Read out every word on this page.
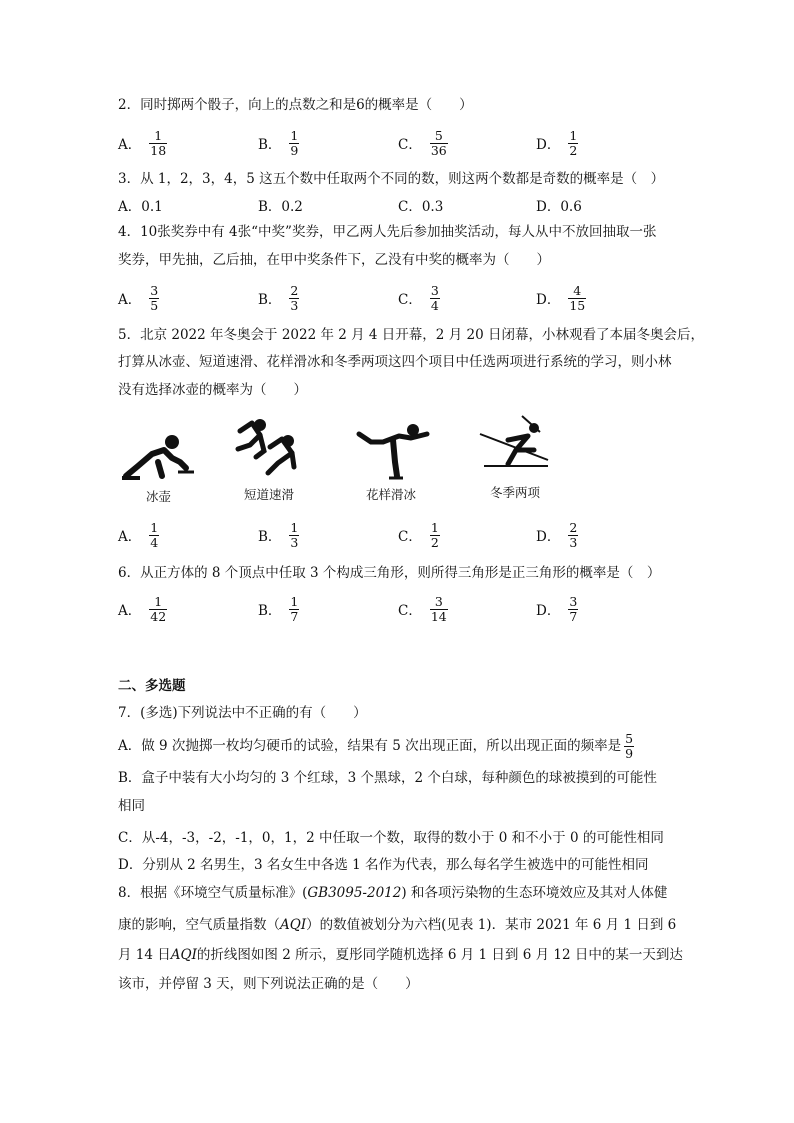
2．同时掷两个骰子，向上的点数之和是6的概率是（　　）
A． $\frac{1}{18}$	B． $\frac{1}{9}$	C． $\frac{5}{36}$	D． $\frac{1}{2}$
3．从 1，2，3，4，5 这五个数中任取两个不同的数，则这两个数都是奇数的概率是（　）
A．0.1	B．0.2	C．0.3	D．0.6
4．10张奖券中有 4张“中奖”奖券，甲乙两人先后参加抽奖活动，每人从中不放回抽取一张
奖券，甲先抽，乙后抽，在甲中奖条件下，乙没有中奖的概率为（　　）
A． $\frac{3}{5}$	B． $\frac{2}{3}$	C． $\frac{3}{4}$	D． $\frac{4}{15}$
5．北京 2022 年冬奥会于 2022 年 2 月 4 日开幕，2 月 20 日闭幕，小林观看了本届冬奥会后，
打算从冰壶、短道速滑、花样滑冰和冬季两项这四个项目中任选两项进行系统的学习，则小林
没有选择冰壶的概率为（　　）
冰壶	短道速滑	花样滑冰	冬季两项
A． $\frac{1}{4}$	B． $\frac{1}{3}$	C． $\frac{1}{2}$	D． $\frac{2}{3}$
6．从正方体的 8 个顶点中任取 3 个构成三角形，则所得三角形是正三角形的概率是（　）
A． $\frac{1}{42}$	B． $\frac{1}{7}$	C． $\frac{3}{14}$	D． $\frac{3}{7}$
二、多选题
7．(多选)下列说法中不正确的有（　　）
A．做 9 次抛掷一枚均匀硬币的试验，结果有 5 次出现正面，所以出现正面的频率是 $\frac{5}{9}$
B．盒子中装有大小均匀的 3 个红球，3 个黑球，2 个白球，每种颜色的球被摸到的可能性
相同
C．从-4，-3，-2，-1，0，1，2 中任取一个数，取得的数小于 0 和不小于 0 的可能性相同
D．分别从 2 名男生，3 名女生中各选 1 名作为代表，那么每名学生被选中的可能性相同
8．根据《环境空气质量标准》(GB3095-2012) 和各项污染物的生态环境效应及其对人体健
康的影响，空气质量指数（AQI）的数值被划分为六档(见表 1)．某市 2021 年 6 月 1 日到 6
月 14 日AQI的折线图如图 2 所示，夏彤同学随机选择 6 月 1 日到 6 月 12 日中的某一天到达
该市，并停留 3 天，则下列说法正确的是（　　）
